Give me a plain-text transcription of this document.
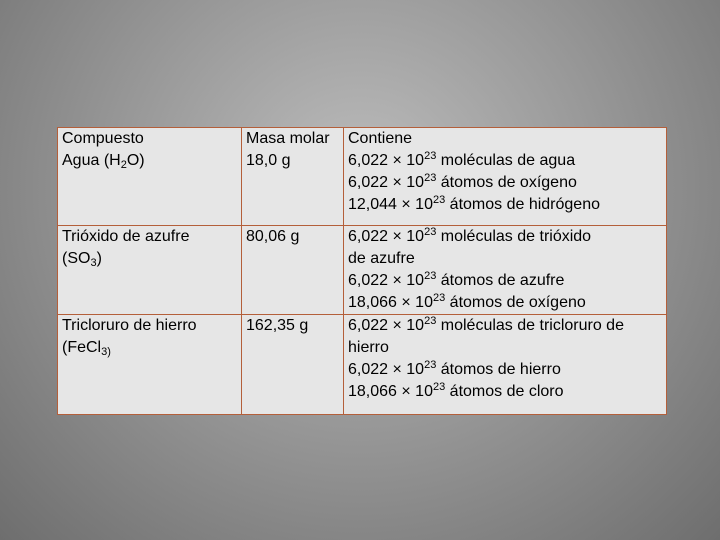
Compuesto	Masa molar	Contiene
Agua $(H_2O)$	18,0 g	$6,022 \times 10^{23}$ moléculas de agua
$6,022 \times 10^{23}$ átomos de oxígeno
$12,044 \times 10^{23}$ átomos de hidrógeno

Trióxido de azufre
$(SO_3)$	80,06 g	$6,022 \times 10^{23}$ moléculas de trióxido
de azufre
$6,022 \times 10^{23}$ átomos de azufre
$18,066 \times 10^{23}$ átomos de oxígeno

Tricloruro de hierro
(FeCl$_{3)}$	162,35 g	$6,022 \times 10^{23}$ moléculas de tricloruro de
hierro
$6,022 \times 10^{23}$ átomos de hierro
$18,066 \times 10^{23}$ átomos de cloro
